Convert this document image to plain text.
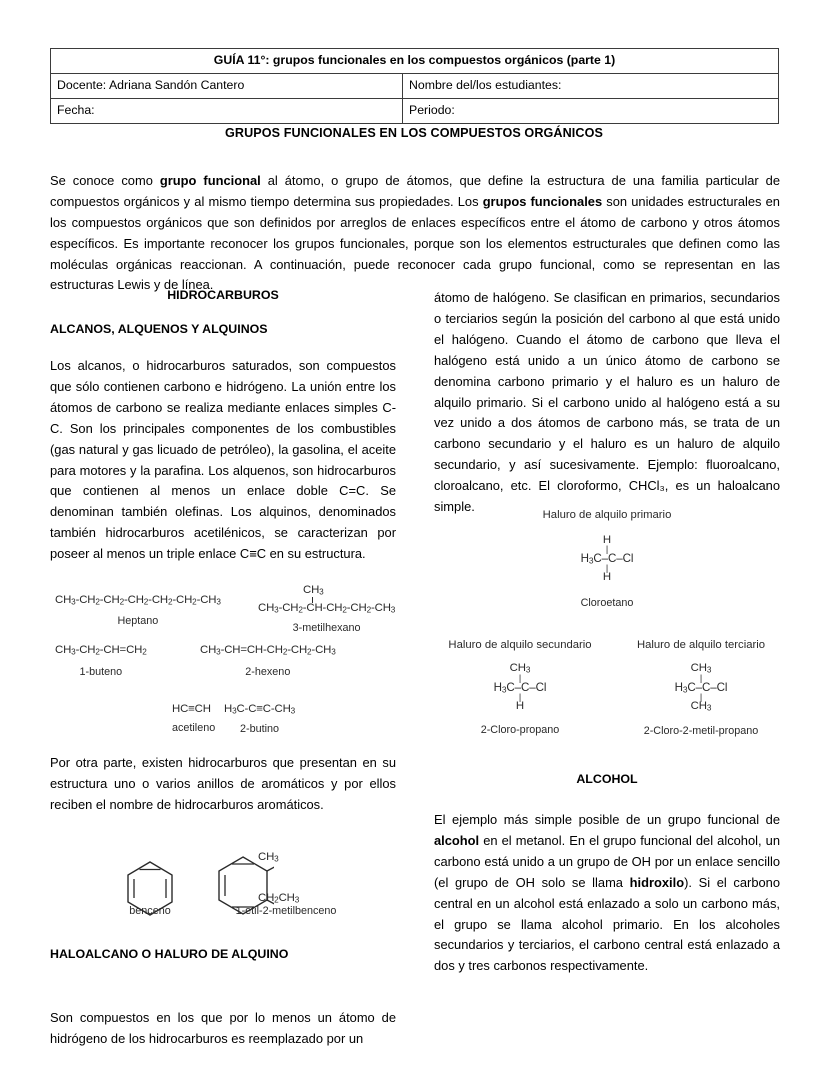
GUÍA 11°: grupos funcionales en los compuestos orgánicos (parte 1)	
Docente: Adriana Sandón Cantero	Nombre del/los estudiantes:
Fecha:	Periodo:
GRUPOS FUNCIONALES EN LOS COMPUESTOS ORGÁNICOS

Se conoce como grupo funcional al átomo, o grupo de átomos, que define la estructura de una familia particular de compuestos orgánicos y al mismo tiempo determina sus propiedades. Los grupos funcionales son unidades estructurales en los compuestos orgánicos que son definidos por arreglos de enlaces específicos entre el átomo de carbono y otros átomos específicos. Es importante reconocer los grupos funcionales, porque son los elementos estructurales que definen como las moléculas orgánicas reaccionan. A continuación, puede reconocer cada grupo funcional, como se representan en las estructuras Lewis y de línea.

HIDROCARBUROS
ALCANOS, ALQUENOS Y ALQUINOS

Los alcanos, o hidrocarburos saturados, son compuestos que sólo contienen carbono e hidrógeno. La unión entre los átomos de carbono se realiza mediante enlaces simples C-C. Son los principales componentes de los combustibles (gas natural y gas licuado de petróleo), la gasolina, el aceite para motores y la parafina. Los alquenos, son hidrocarburos que contienen al menos un enlace doble C=C. Se denominan también olefinas. Los alquinos, denominados también hidrocarburos acetilénicos, se caracterizan por poseer al menos un triple enlace C≡C en su estructura.

$CH_3-CH_2-CH_2-CH_2-CH_2-CH_2-CH_3$
Heptano
$CH_3$
$CH_3-CH_2-CH-CH_2-CH_2-CH_3$
3-metilhexano
$CH_3-CH_2-CH=CH_2$
1-buteno
$CH_3-CH=CH-CH_2-CH_2-CH_3$
2-hexeno
HC≡CH
acetileno
$H_3C-C\equiv C-CH_3$
2-butino

Por otra parte, existen hidrocarburos que presentan en su estructura uno o varios anillos de aromáticos y por ellos reciben el nombre de hidrocarburos aromáticos.

benceno
$CH_3$
$CH_2CH_3$
1-etil-2-metilbenceno
HALOALCANO O HALURO DE ALQUINO

Son compuestos en los que por lo menos un átomo de hidrógeno de los hidrocarburos es reemplazado por un

átomo de halógeno. Se clasifican en primarios, secundarios o terciarios según la posición del carbono al que está unido el halógeno. Cuando el átomo de carbono que lleva el halógeno está unido a un único átomo de carbono se denomina carbono primario y el haluro es un haluro de alquilo primario. Si el carbono unido al halógeno está a su vez unido a dos átomos de carbono más, se trata de un carbono secundario y el haluro es un haluro de alquilo secundario, y así sucesivamente. Ejemplo: fluoroalcano, cloroalcano, etc. El cloroformo, CHCl₃, es un haloalcano simple.

Haluro de alquilo primario
H
|
$H_3C-C-Cl$
|
H
Cloroetano
Haluro de alquilo secundario
$CH_3$
|
$H_3C-C-Cl$
|
H
2-Cloro-propano
Haluro de alquilo terciario
$CH_3$
|
$H_3C-C-Cl$
|
$CH_3$
2-Cloro-2-metil-propano
ALCOHOL

El ejemplo más simple posible de un grupo funcional de alcohol en el metanol. En el grupo funcional del alcohol, un carbono está unido a un grupo de OH por un enlace sencillo (el grupo de OH solo se llama hidroxilo). Si el carbono central en un alcohol está enlazado a solo un carbono más, el grupo se llama alcohol primario. En los alcoholes secundarios y terciarios, el carbono central está enlazado a dos y tres carbonos respectivamente.
